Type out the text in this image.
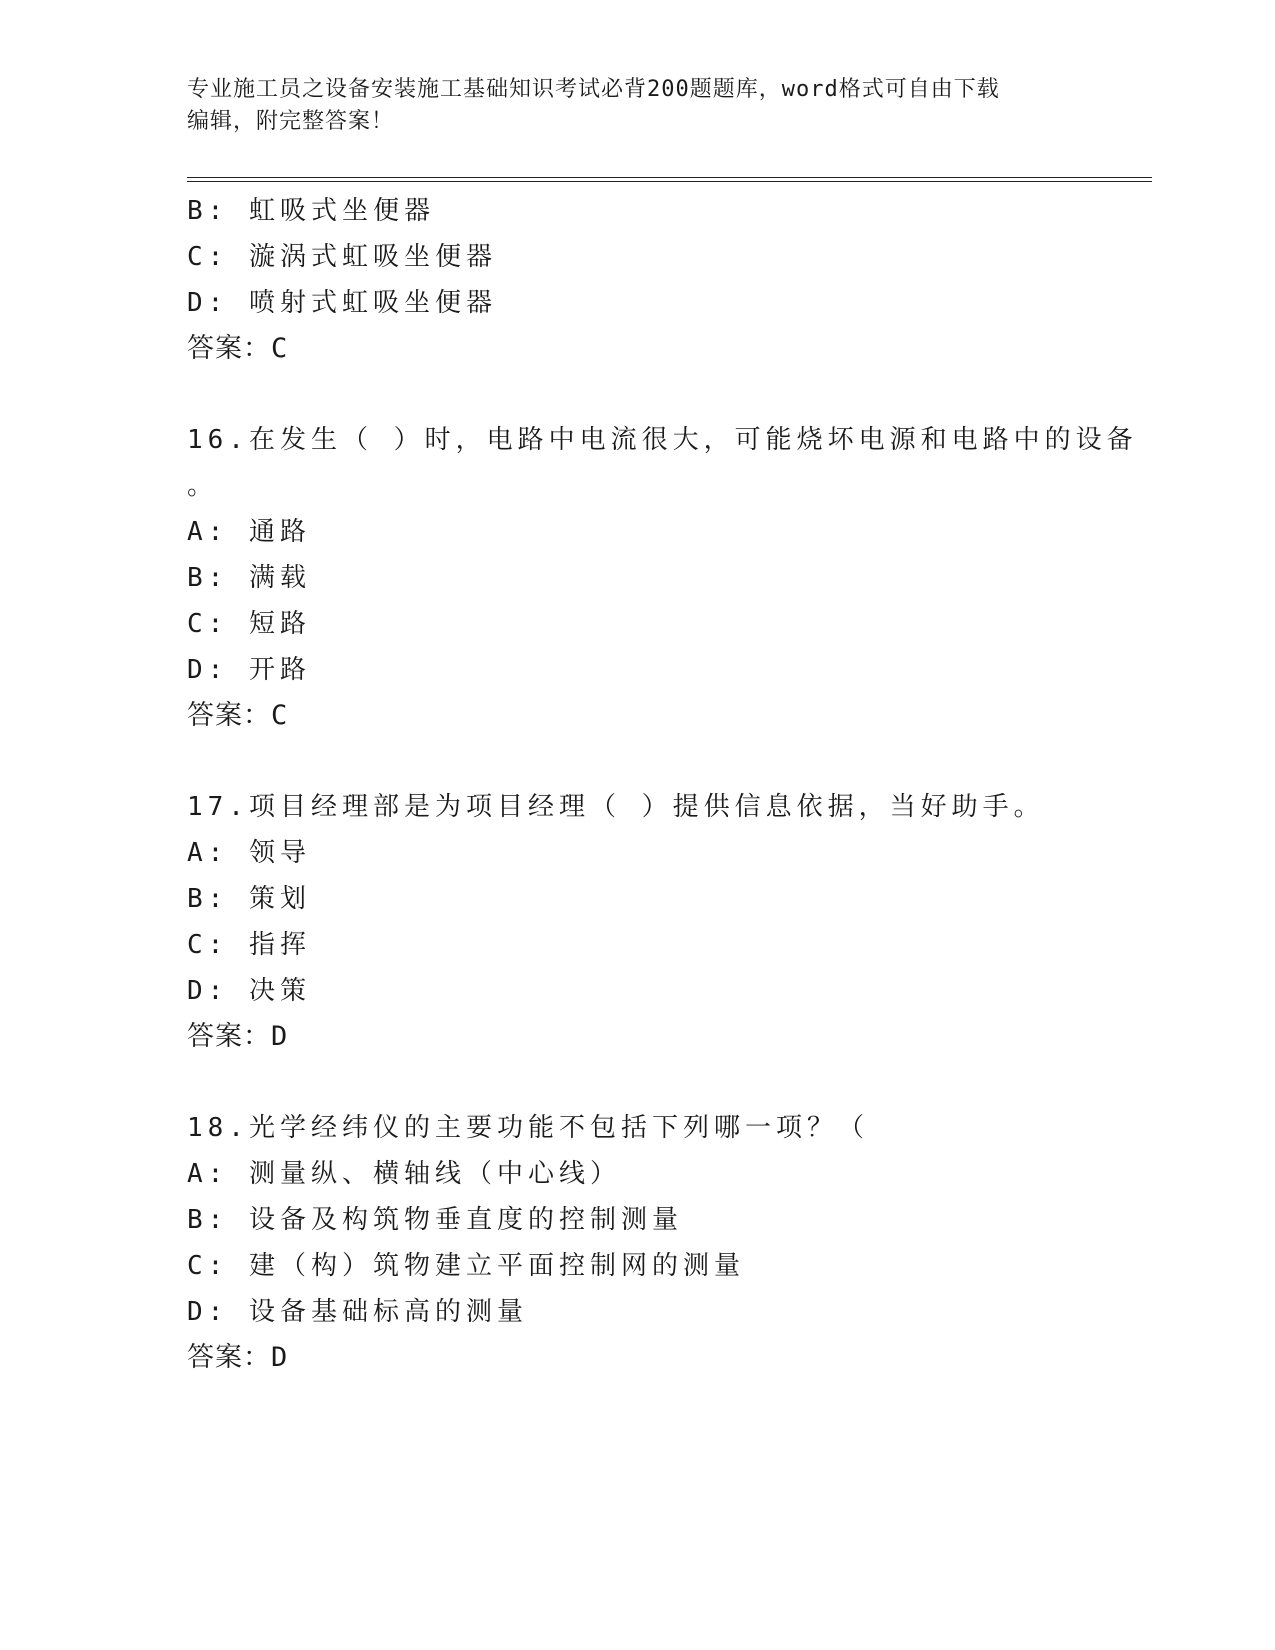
专业施工员之设备安装施工基础知识考试必背200题题库，word格式可自由下载
编辑，附完整答案！
B: 虹吸式坐便器
C: 漩涡式虹吸坐便器
D: 喷射式虹吸坐便器
答案：C
16.在发生（ ）时，电路中电流很大，可能烧坏电源和电路中的设备
。
A: 通路
B: 满载
C: 短路
D: 开路
答案：C
17.项目经理部是为项目经理（ ）提供信息依据，当好助手。
A: 领导
B: 策划
C: 指挥
D: 决策
答案：D
18.光学经纬仪的主要功能不包括下列哪一项？（
A: 测量纵、横轴线（中心线）
B: 设备及构筑物垂直度的控制测量
C: 建（构）筑物建立平面控制网的测量
D: 设备基础标高的测量
答案：D
